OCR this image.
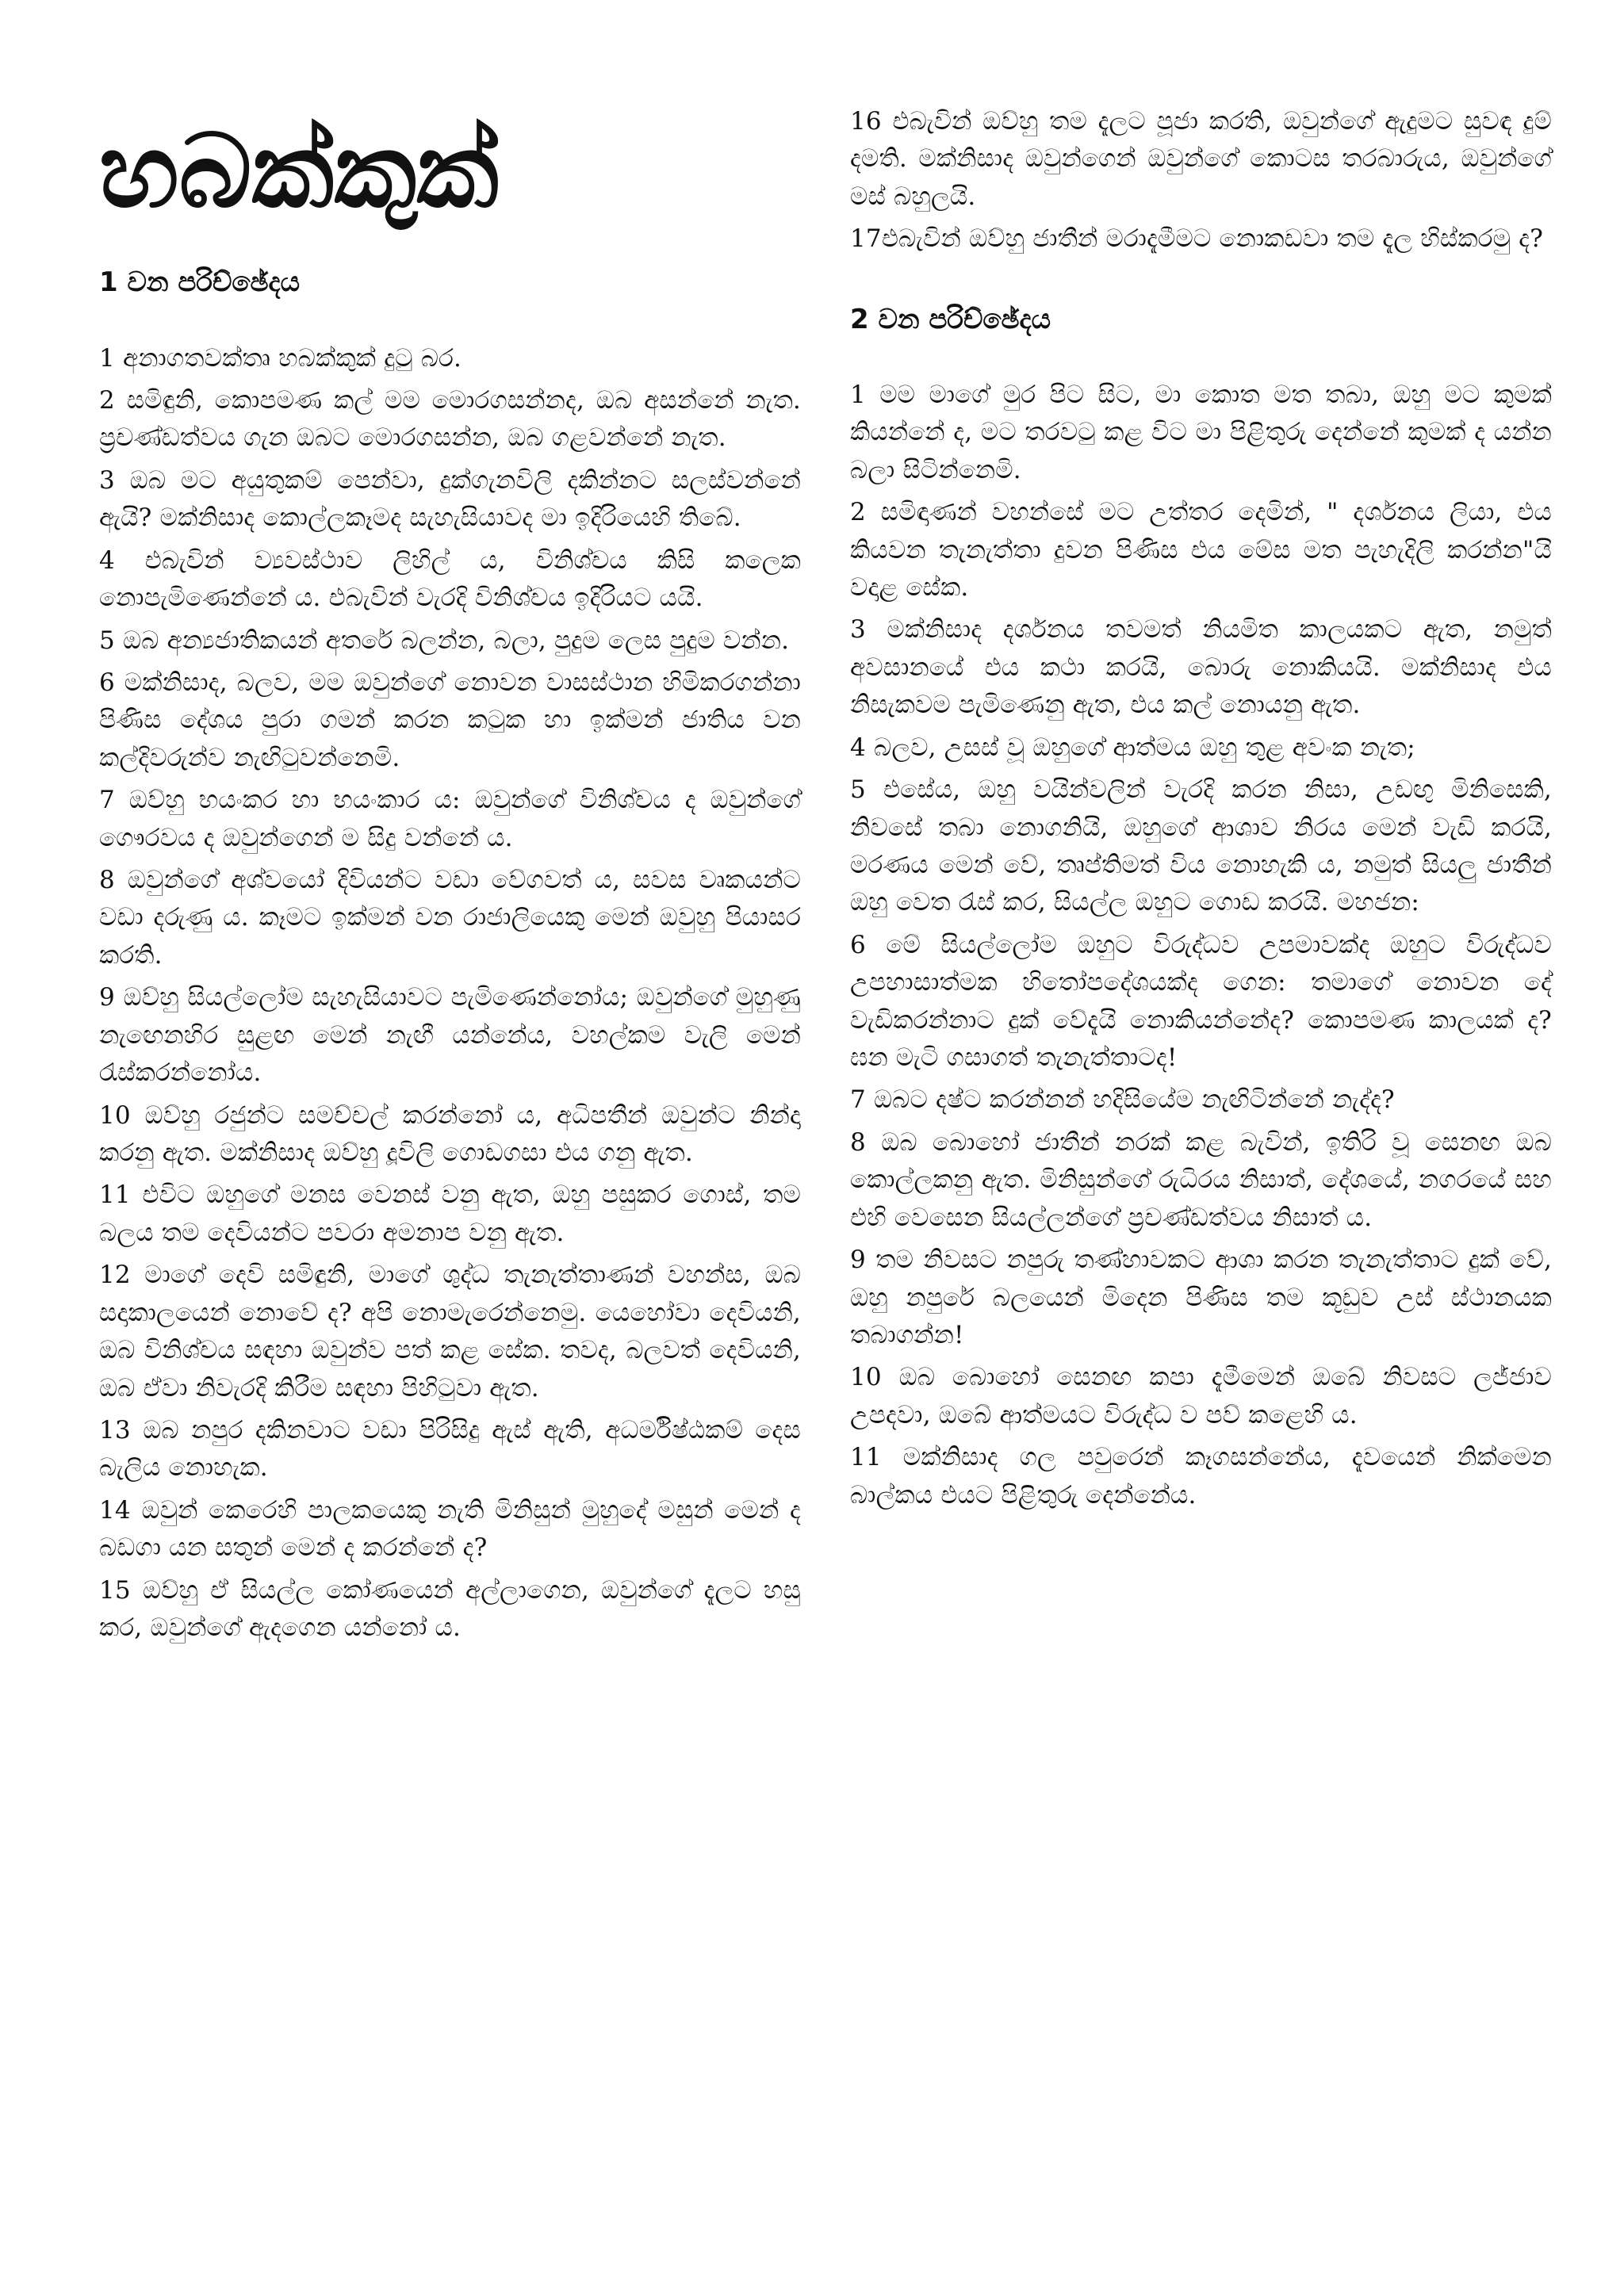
හබක්කුක්
1 වන පරිච්ඡේදය

1 අනාගතවක්තෘ හබක්කුක් දුටු බර.

2 සමිඳුනි, කොපමණ කල් මම මොරගසන්නද, ඔබ අසන්නේ නැත. ප්‍රචණ්ඩත්වය ගැන ඔබට මොරගසන්න, ඔබ ගළවන්නේ නැත.

3 ඔබ මට අයුතුකම් පෙන්වා, දුක්ගැනවිලි දකින්නට සලස්වන්නේ ඇයි? මක්නිසාද කොල්ලකෑමද සැහැසියාවද මා ඉදිරියෙහි තිබේ.

4 එබැවින් ව්‍යවස්ථාව ලිහිල් ය, විනිශ්චය කිසි කලෙක නොපැමිණෙන්නේ ය. එබැවින් වැරදි විනිශ්චය ඉදිරියට යයි.

5 ඔබ අන්‍යජාතිකයන් අතරේ බලන්න, බලා, පුදුම ලෙස පුදුම වන්න.

6 මක්නිසාද, බලව, මම ඔවුන්ගේ නොවන වාසස්ථාන හිමිකරගන්නා පිණිස දේශය පුරා ගමන් කරන කටුක හා ඉක්මන් ජාතිය වන කල්දිවරුන්ව නැඟිටුවන්නෙමි.

7 ඔව්හු භයංකර හා භයංකාර ය: ඔවුන්ගේ විනිශ්චය ද ඔවුන්ගේ ගෞරවය ද ඔවුන්ගෙන් ම සිදු වන්නේ ය.

8 ඔවුන්ගේ අශ්වයෝ දිවියන්ට වඩා වේගවත් ය, සවස වෘකයන්ට වඩා දරුණු ය. කෑමට ඉක්මන් වන රාජාලියෙකු මෙන් ඔවුහු පියාසර කරති.

9 ඔව්හු සියල්ලෝම සැහැසියාවට පැමිණෙන්නෝය; ඔවුන්ගේ මුහුණු නැඟෙනහිර සුළඟ මෙන් නැඟී යන්නේය, වහල්කම වැලි මෙන් රැස්කරන්නෝය.

10 ඔව්හු රජුන්ට සමච්චල් කරන්නෝ ය, අධිපතීන් ඔවුන්ට නින්දා කරනු ඇත. මක්නිසාද ඔව්හු දූවිලි ගොඩගසා එය ගනු ඇත.

11 එවිට ඔහුගේ මනස වෙනස් වනු ඇත, ඔහු පසුකර ගොස්, තම බලය තම දෙවියන්ට පවරා අමනාප වනු ඇත.

12 මාගේ දෙවි සමිඳුනි, මාගේ ශුද්ධ තැනැත්තාණන් වහන්ස, ඔබ සදාකාලයෙන් නොවේ ද? අපි නොමැරෙන්නෙමු. යෙහෝවා දෙවියනි, ඔබ විනිශ්චය සඳහා ඔවුන්ව පත් කළ සේක. තවද, බලවත් දෙවියනි, ඔබ ඒවා නිවැරදි කිරීම සඳහා පිහිටුවා ඇත.

13 ඔබ නපුර දකිනවාට වඩා පිරිසිදු ඇස් ඇති, අධර්මිෂ්ඨකම් දෙස බැලිය නොහැක.

14 ඔවුන් කෙරෙහි පාලකයෙකු නැති මිනිසුන් මුහුදේ මසුන් මෙන් ද බඩගා යන සතුන් මෙන් ද කරන්නේ ද?

15 ඔව්හු ඒ සියල්ල කෝණයෙන් අල්ලාගෙන, ඔවුන්ගේ දැලට හසු කර, ඔවුන්ගේ ඇදගෙන යන්නෝ ය.

16 එබැවින් ඔව්හු තම දැලට පූජා කරති, ඔවුන්ගේ ඇදුමට සුවඳ දුම් දමති. මක්නිසාද ඔවුන්ගෙන් ඔවුන්ගේ කොටස තරබාරුය, ඔවුන්ගේ මස් බහුලයි.

17එබැවින් ඔව්හු ජාතීන් මරාදැමීමට නොකඩවා තම දැල හිස්කරමු ද?

2 වන පරිච්ඡේදය

1 මම මාගේ මුර පිට සිට, මා කොත මත තබා, ඔහු මට කුමක් කියන්නේ ද, මට තරවටු කළ විට මා පිළිතුරු දෙන්නේ කුමක් ද යන්න බලා සිටින්නෙමි.

2 සමිඳාණන් වහන්සේ මට උත්තර දෙමින්, " දර්ශනය ලියා, එය කියවන තැනැත්තා දුවන පිණිස එය මේස මත පැහැදිලි කරන්න"යි වදාළ සේක.

3 මක්නිසාද දර්ශනය තවමත් නියමිත කාලයකට ඇත, නමුත් අවසානයේ එය කථා කරයි, බොරු නොකියයි. මක්නිසාද එය නිසැකවම පැමිණෙනු ඇත, එය කල් නොයනු ඇත.

4 බලව, උසස් වූ ඔහුගේ ආත්මය ඔහු තුළ අවංක නැත;

5 එසේය, ඔහු වයින්වලින් වැරදි කරන නිසා, උඩඟු මිනිසෙකි, නිවසේ තබා නොගනියි, ඔහුගේ ආශාව නිරය මෙන් වැඩි කරයි, මරණය මෙන් වේ, තෘප්තිමත් විය නොහැකි ය, නමුත් සියලු ජාතීන් ඔහු වෙත රැස් කර, සියල්ල ඔහුට ගොඩ කරයි. මහජන:

6 මේ සියල්ලෝම ඔහුට විරුද්ධව උපමාවක්ද ඔහුට විරුද්ධව උපහාසාත්මක හිතෝපදේශයක්ද ගෙන: තමාගේ නොවන දේ වැඩිකරන්නාට දුක් වේදැයි නොකියන්නේද? කොපමණ කාලයක් ද? ඝන මැටි ගසාගත් තැනැත්තාටද!

7 ඔබට දෂ්ට කරන්නන් හදිසියේම නැඟිටින්නේ නැද්ද?

8 ඔබ බොහෝ ජාතීන් නරක් කළ බැවින්, ඉතිරි වූ සෙනඟ ඔබ කොල්ලකනු ඇත. මිනිසුන්ගේ රුධිරය නිසාත්, දේශයේ, නගරයේ සහ එහි වෙසෙන සියල්ලන්ගේ ප්‍රචණ්ඩත්වය නිසාත් ය.

9 තම නිවසට නපුරු තණ්හාවකට ආශා කරන තැනැත්තාට දුක් වේ, ඔහු නපුරේ බලයෙන් මිදෙන පිණිස තම කූඩුව උස් ස්ථානයක තබාගන්න!

10 ඔබ බොහෝ සෙනඟ කපා දැමීමෙන් ඔබේ නිවසට ලජ්ජාව උපදවා, ඔබේ ආත්මයට විරුද්ධ ව පව් කළෙහි ය.

11 මක්නිසාද ගල පවුරෙන් කෑගසන්නේය, දැවයෙන් නික්මෙන බාල්කය එයට පිළිතුරු දෙන්නේය.
